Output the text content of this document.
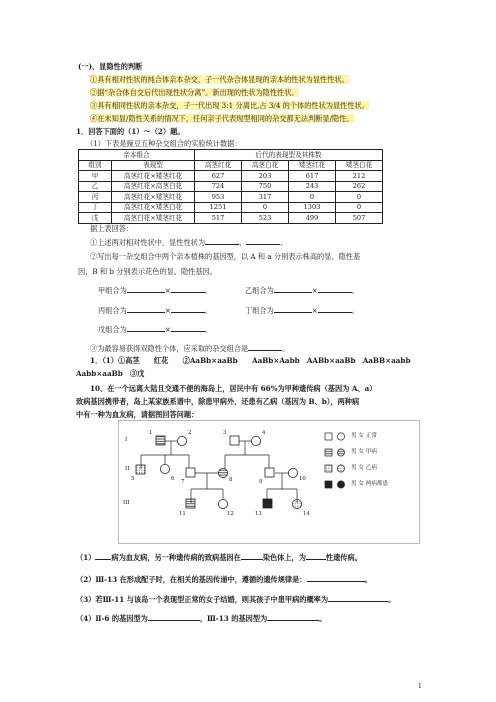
(一)、显隐性的判断
①具有相对性状的纯合体亲本杂交，子一代杂合体显现的亲本的性状为显性性状。
②据“杂合体自交后代出现性状分离”。新出现的性状为隐性性状。
③具有相同性状的亲本杂交，子一代出现 3:1 分离比,占 3/4 的个体的性状为显性性状。
④在未知显/隐性关系的情况下，任何亲子代表现型相同的杂交都无法判断显/隐性。
1．回答下面的（1）～（2）题。
（1）下表是豌豆五种杂交组合的实验统计数据：
亲本组合		后代的表现型及其株数			
组别	表现型	高茎红花	高茎白花	矮茎红花	矮茎白花
甲	高茎红花×矮茎红花	627	203	617	212
乙	高茎红花×高茎白花	724	750	243	262
丙	高茎红花×矮茎红花	953	317	0	0
丁	高茎红花×矮茎白花	1251	0	1303	0
戊	高茎白花×矮茎红花	517	523	499	507
据上表回答：
①上述两对相对性状中，显性性状为	、	。
②写出每一杂交组合中两个亲本植株的基因型，以 A 和 a 分别表示株高的显、隐性基
因，B 和 b 分别表示花色的显、隐性基因。
甲组合为	×	。	乙组合为	×	。
丙组合为	×	。	丁组合为	×	。
戊组合为	×	。
③为最容易获得双隐性个体，应采取的杂交组合是	。
1．（1）①高茎　　红花　　②AaBb×aaBb　　AaBb×Aabb　AABb×aaBb　AaBB×aabb
Aabb×aaBb　③戊
10、在一个远离大陆且交通不便的海岛上，居民中有 66%为甲种遗传病（基因为 A、a）
致病基因携带者，岛上某家族系谱中，除患甲病外，还患有乙病（基因为 B、b），两种病
中有一种为血友病，请据图回答问题：
I
II
III
1	2	3	4
5	6 7	8	9	10
11	12	13	14
男 女 正常
男 女 甲病
男 女 乙病
男 女 两病都患
（1） 病为血友病，另一种遗传病的致病基因在	染色体上，为	性遗传病。
（2）Ⅲ-13 在形成配子时，在相关的基因传递中，遵循的遗传规律是：	。
（3）若Ⅲ-11 与该岛一个表现型正常的女子结婚，则其孩子中患甲病的概率为	。
（4）Ⅱ-6 的基因型为	，Ⅲ-13 的基因型为	。
1
